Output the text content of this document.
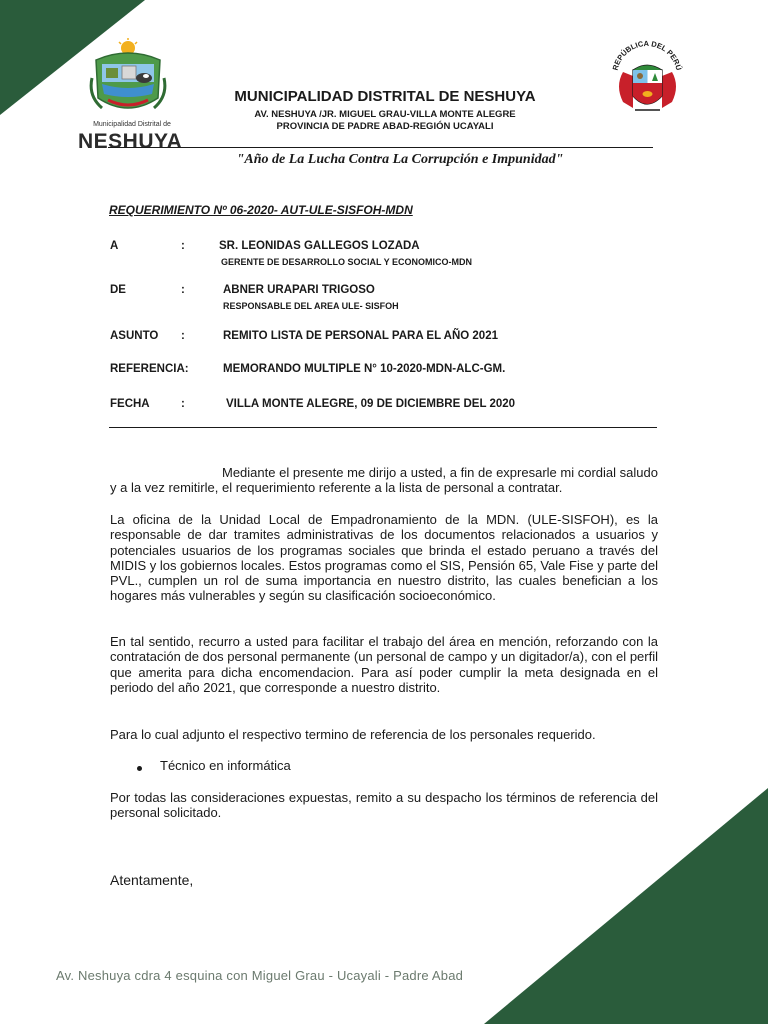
Municipalidad Distrital de
NESHUYA
REPÚBLICA DEL PERÚ
MUNICIPALIDAD DISTRITAL DE NESHUYA
AV. NESHUYA /JR. MIGUEL GRAU-VILLA MONTE ALEGRE
PROVINCIA DE PADRE ABAD-REGIÓN UCAYALI
"Año de La Lucha Contra La Corrupción e Impunidad"
REQUERIMIENTO Nº 06-2020- AUT-ULE-SISFOH-MDN
A	:	SR. LEONIDAS GALLEGOS LOZADA
GERENTE DE DESARROLLO SOCIAL Y ECONOMICO-MDN
DE	:	ABNER URAPARI TRIGOSO
RESPONSABLE DEL AREA ULE- SISFOH
ASUNTO :	REMITO LISTA DE PERSONAL PARA EL AÑO 2021
REFERENCIA:	MEMORANDO MULTIPLE N° 10-2020-MDN-ALC-GM.
FECHA	:	VILLA MONTE ALEGRE, 09 DE DICIEMBRE DEL 2020
Mediante el presente me dirijo a usted, a fin de expresarle mi cordial saludo y a la vez remitirle, el requerimiento referente a la lista de personal a contratar.
La oficina de la Unidad Local de Empadronamiento de la MDN. (ULE-SISFOH), es la responsable de dar tramites administrativas de los documentos relacionados a usuarios y potenciales usuarios de los programas sociales que brinda el estado peruano a través del MIDIS y los gobiernos locales. Estos programas como el SIS, Pensión 65, Vale Fise y parte del PVL., cumplen un rol de suma importancia en nuestro distrito, las cuales benefician a los hogares más vulnerables y según su clasificación socioeconómico.
En tal sentido, recurro a usted para facilitar el trabajo del área en mención, reforzando con la contratación de dos personal permanente (un personal de campo y un digitador/a), con el perfil que amerita para dicha encomendacion. Para así poder cumplir la meta designada en el periodo del año 2021, que corresponde a nuestro distrito.
Para lo cual adjunto el respectivo termino de referencia de los personales requerido.
Técnico en informática
Por todas las consideraciones expuestas, remito a su despacho los términos de referencia del personal solicitado.
Atentamente,
Av. Neshuya cdra 4 esquina con Miguel Grau - Ucayali - Padre Abad
